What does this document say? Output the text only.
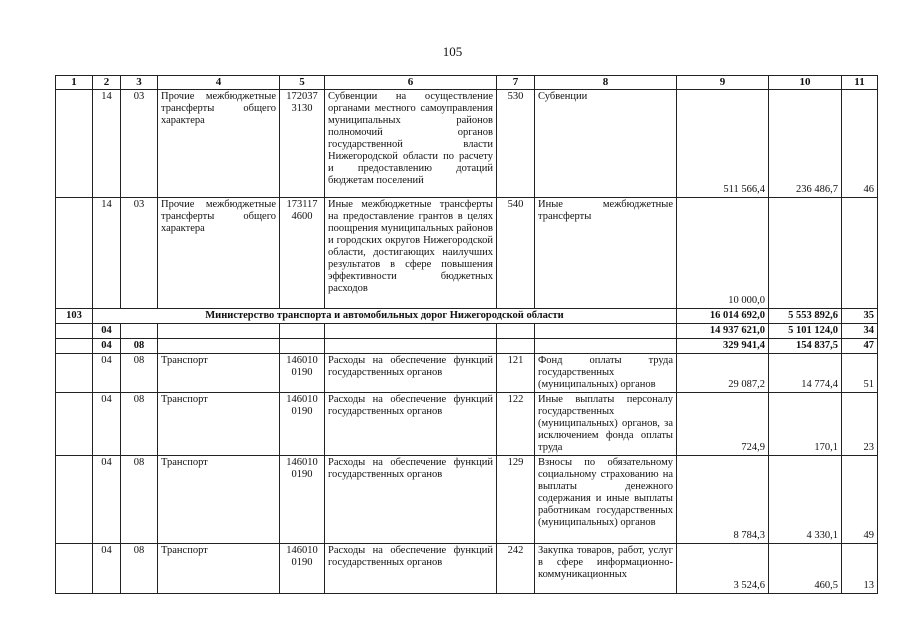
105
1	2	3	4	5	6	7	8	9	10	11
	14	03	Прочие межбюджетные трансферты общего характера	172037 3130	Субвенции на осуществление органами местного самоуправления муниципальных районов полномочий органов государственной власти Нижегородской области по расчету и предоставлению дотаций бюджетам поселений	530	Субвенции	511 566,4	236 486,7	46
	14	03	Прочие межбюджетные трансферты общего характера	173117 4600	Иные межбюджетные трансферты на предоставление грантов в целях поощрения муниципальных районов и городских округов Нижегородской области, достигающих наилучших результатов в сфере повышения эффективности бюджетных расходов	540	Иные межбюджетные трансферты	10 000,0		
103	Министерство транспорта и автомобильных дорог Нижегородской области							16 014 692,0	5 553 892,6	35
	04							14 937 621,0	5 101 124,0	34
	04	08						329 941,4	154 837,5	47
	04	08	Транспорт	146010 0190	Расходы на обеспечение функций государственных органов	121	Фонд оплаты труда государственных (муниципальных) органов	29 087,2	14 774,4	51
	04	08	Транспорт	146010 0190	Расходы на обеспечение функций государственных органов	122	Иные выплаты персоналу государственных (муниципальных) органов, за исключением фонда оплаты труда	724,9	170,1	23
	04	08	Транспорт	146010 0190	Расходы на обеспечение функций государственных органов	129	Взносы по обязательному социальному страхованию на выплаты денежного содержания и иные выплаты работникам государственных (муниципальных) органов	8 784,3	4 330,1	49
	04	08	Транспорт	146010 0190	Расходы на обеспечение функций государственных органов	242	Закупка товаров, работ, услуг в сфере информационно-коммуникационных	3 524,6	460,5	13
